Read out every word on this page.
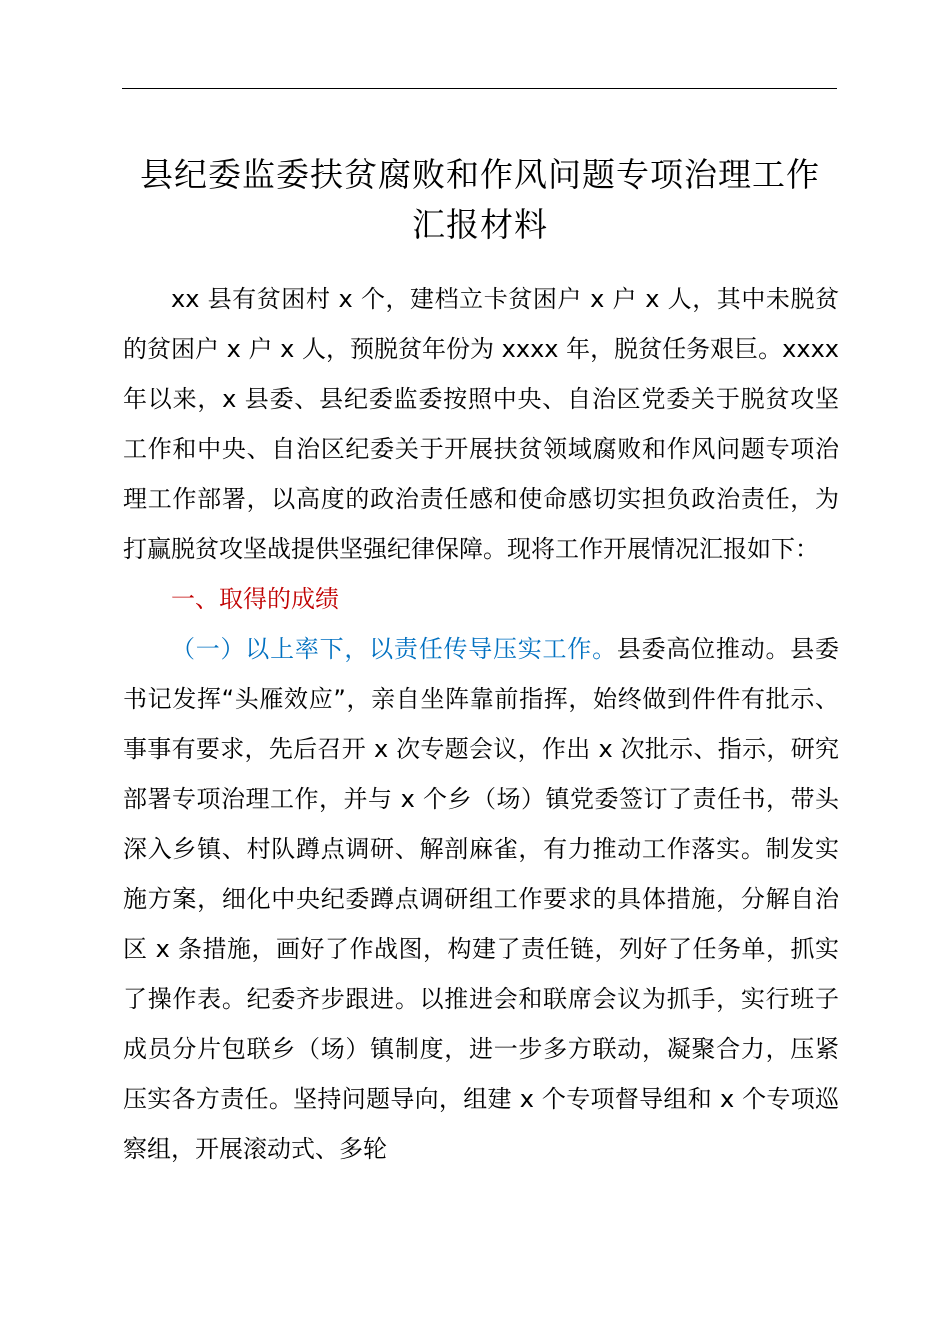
县纪委监委扶贫腐败和作风问题专项治理工作
汇报材料

xx 县有贫困村 x 个，建档立卡贫困户 x 户 x 人，其中未脱贫的贫困户 x 户 x 人，预脱贫年份为 xxxx 年，脱贫任务艰巨。xxxx 年以来，x 县委、县纪委监委按照中央、自治区党委关于脱贫攻坚工作和中央、自治区纪委关于开展扶贫领域腐败和作风问题专项治理工作部署，以高度的政治责任感和使命感切实担负政治责任，为打赢脱贫攻坚战提供坚强纪律保障。现将工作开展情况汇报如下：

一、取得的成绩

（一）以上率下，以责任传导压实工作。县委高位推动。县委书记发挥“头雁效应”，亲自坐阵靠前指挥，始终做到件件有批示、事事有要求，先后召开 x 次专题会议，作出 x 次批示、指示，研究部署专项治理工作，并与 x 个乡（场）镇党委签订了责任书，带头深入乡镇、村队蹲点调研、解剖麻雀，有力推动工作落实。制发实施方案，细化中央纪委蹲点调研组工作要求的具体措施，分解自治区 x 条措施，画好了作战图，构建了责任链，列好了任务单，抓实了操作表。纪委齐步跟进。以推进会和联席会议为抓手，实行班子成员分片包联乡（场）镇制度，进一步多方联动，凝聚合力，压紧压实各方责任。坚持问题导向，组建 x 个专项督导组和 x 个专项巡察组，开展滚动式、多轮
